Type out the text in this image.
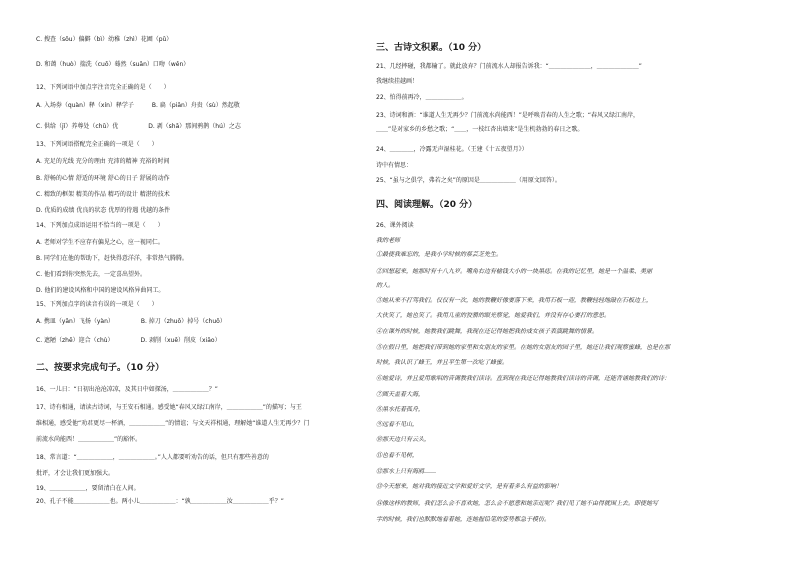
C. 搜查（sōu）偏僻（bì）幼稚（zhì）花圃（pǔ）
D. 和蔼（huò）揣洗（cuō）蓦然（suān）口吻（wěn）
12、下列词语中加点字注音完全正确的是（　　）
A. 入场券（quàn）释（xín）释学子　　　B. 扁（piān）舟贵（sù）然起敬
C. 供给（jǐ）养尊处（chǔ）优　　　　　D. 剥（shā）那间鸦鹊（hú）之志
13、下列词语搭配完全正确的一项是（　　）
A. 充足的光线 充分的理由 充沛的精神 充裕的时间
B. 舒畅的心情 舒适的环境 舒心的日子 舒展的动作
C. 精致的框架 精美的作品 精巧的设计 精湛的技术
D. 优质的成绩 优良的状态 优厚的待遇 优越的条件
14、下列加点成语运用不恰当的一项是（　　）
A. 老师对学生不应存有偏见之心，应一视同仁。
B. 同学们在他的帮助下，赶快得意洋洋，非常热气腾腾。
C. 他们看到你突然先去，一定喜出望外。
D. 他们的建设风格和中国的建设风格异曲同工。
15、下列加点字的读音有误的一项是（　　）
A. 携皿（yān）飞扬（yàn）　　　　　B. 掉刀（zhuō）掉号（chuō）
C. 遮陋（zhē）迎合（chù）　　　　　D. 剥削（xuē）削皮（xiāo）
二、按要求完成句子。（10 分）
16、一儿日：“日初出沧沧凉凉，及其日中如探汤，＿＿＿＿＿＿？”
17、诗有相通，请读古诗词，与王安石相通。感受她“春风又绿江南岸，＿＿＿＿＿＿”的描写；与王
维相通，感受他“劝君更尽一杯酒，＿＿＿＿＿＿”的情谊；与文天祥相通，理解她“谁道人生无再少？门
前流水尚能西！＿＿＿＿＿＿”的豁怀。
18、常言道：“＿＿＿＿＿＿，＿＿＿＿＿＿。”人人都要听劝告的话，但只有那些善意的
批评，才会让我们更加强大。
19、＿＿＿＿＿＿，要留清白在人间。
20、孔子不能＿＿＿＿＿＿也。两小儿＿＿＿＿＿＿：“孰＿＿＿＿＿＿汝＿＿＿＿＿＿乎？”
三、古诗文积累。（10 分）
21、几经摔碰，我都输了。就此放弃？门前流水人却报告诉我：“＿＿＿＿＿＿＿，＿＿＿＿＿＿＿”
我继续挂越画！
22、怕得前再冷，＿＿＿＿＿＿。
23、诗词和酒：“谁道人生无再少？门前流水尚能西！”是呼唤青春的人生之歌；“春风又绿江南岸，
＿＿”是对家乡的乡愁之歌；“＿＿，一枝红杏出墙来”是生机勃勃的春日之歌。
24、＿＿＿＿，冷露无声湿桂花。（王建《十五夜望月》）
诗中有情思：
25、“虽与之俱学，弗若之矣”的原因是＿＿＿＿＿＿（用原文回答）。
四、阅读理解。（20 分）
26、课外阅读
我的老师
①最使我难忘的，是我小学时候的蔡芸芝先生。
②回想起来，她那时有十八九岁。嘴角右边有榆钱大小的一块黑痣。在我的记忆里，她是一个温柔、美丽
的人。
③她从来不打骂我们。仅仅有一次，她的教鞭好像要落下来，我用石板一迎，教鞭轻轻地敲在石板边上，
大伙笑了，她也笑了。我用儿童的狡猾的眼光察觉，她爱我们，并没有存心要打的意思。
④在课外的时候，她教我们跳舞，我现在还记得她把我扮成女孩子表演跳舞的情景。
⑤在假日里，她把我们带到她的家里和女朋友的家里。在她的女朋友的园子里，她还让我们观察蜜蜂，也是在那
时候，我认识了蜂王，并且平生第一次吃了蜂蜜。
⑥她爱诗，并且爱用歌唱的音调教我们读诗。直到现在我还记得她教我们读诗的音调，还能背诵她教我们的诗：
⑦圆天盖着大海，
⑧黑水托着孤舟，
⑨远看不见山，
⑩那天边只有云头，
⑪也看不见树，
⑫那水上只有海鸥……
⑬今天想来，她对我的接近文学和爱好文学，是有着多么有益的影响！
⑭像这样的教师，我们怎么会不喜欢她，怎么会不愿意和她亲近呢？我们见了她不由得就围上去。即使她写
字的时候，我们也默默地看着她，连她握铅笔的姿势都急于模仿。
